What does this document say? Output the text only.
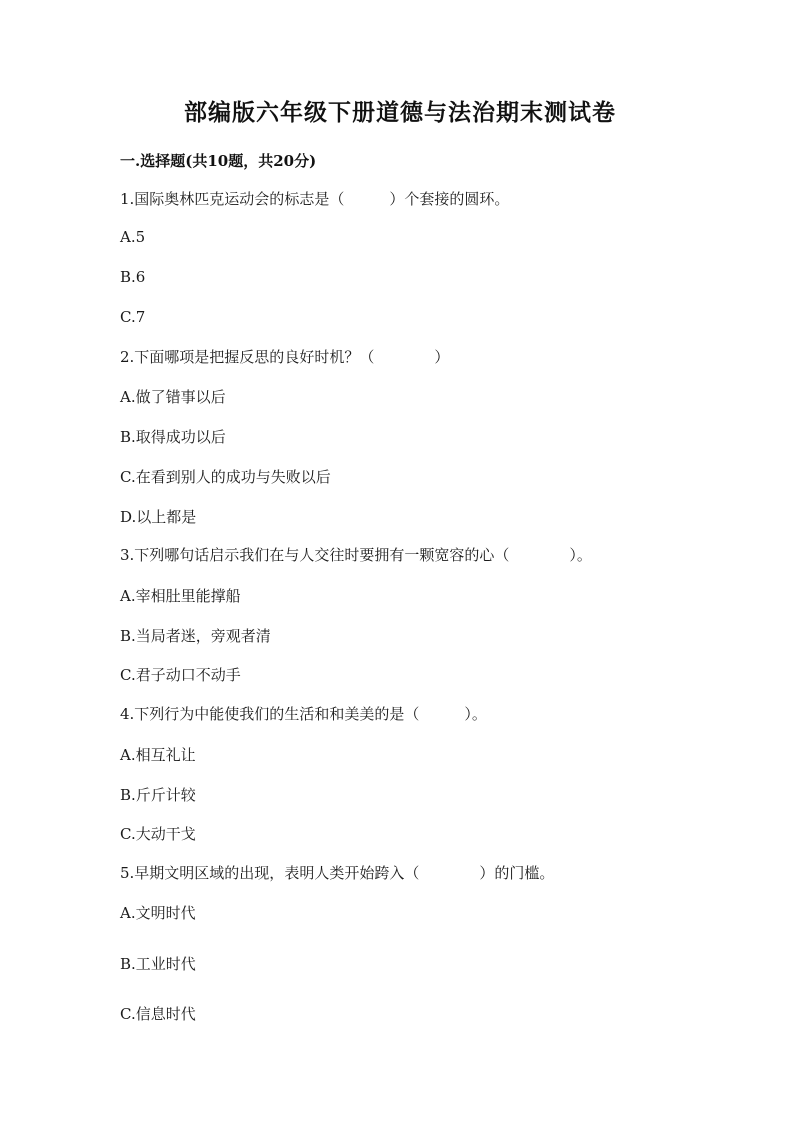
部编版六年级下册道德与法治期末测试卷
一.选择题(共10题，共20分)
1.国际奥林匹克运动会的标志是（　　　）个套接的圆环。
A.5
B.6
C.7
2.下面哪项是把握反思的良好时机？（　　　　）
A.做了错事以后
B.取得成功以后
C.在看到别人的成功与失败以后
D.以上都是
3.下列哪句话启示我们在与人交往时要拥有一颗宽容的心（　　　　）。
A.宰相肚里能撑船
B.当局者迷，旁观者清
C.君子动口不动手
4.下列行为中能使我们的生活和和美美的是（　　　）。
A.相互礼让
B.斤斤计较
C.大动干戈
5.早期文明区域的出现，表明人类开始跨入（　　　　）的门槛。
A.文明时代
B.工业时代
C.信息时代
